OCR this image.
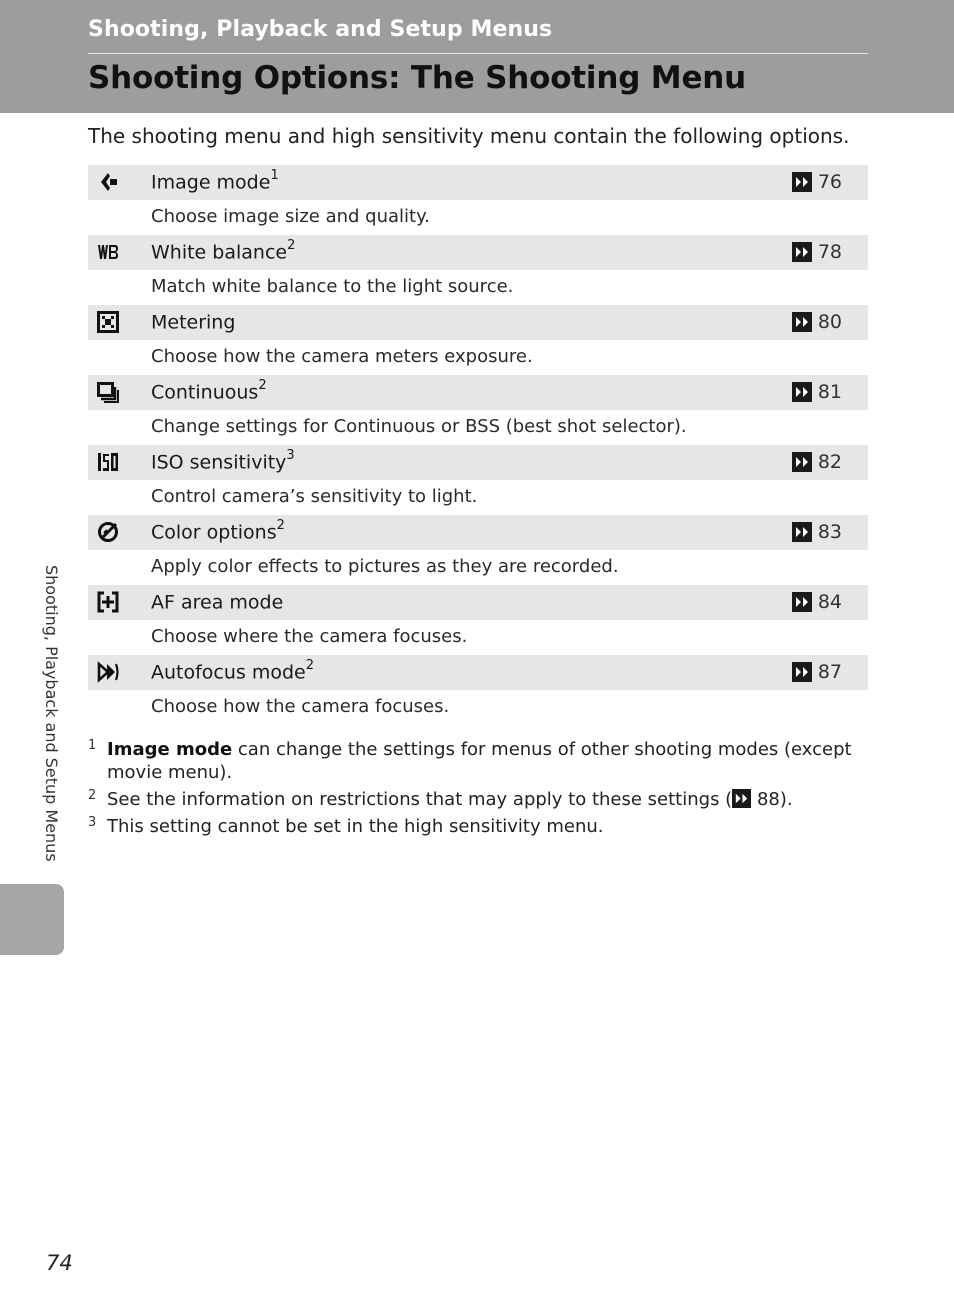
Shooting, Playback and Setup Menus
Shooting Options: The Shooting Menu
The shooting menu and high sensitivity menu contain the following options.
Image mode$^1$	76
Choose image size and quality.
White balance$^2$	78
Match white balance to the light source.
Metering	80
Choose how the camera meters exposure.
Continuous$^2$	81
Change settings for Continuous or BSS (best shot selector).
ISO sensitivity$^3$	82
Control camera’s sensitivity to light.
Color options$^2$	83
Apply color effects to pictures as they are recorded.
AF area mode	84
Choose where the camera focuses.
Autofocus mode$^2$	87
Choose how the camera focuses.
1 Image mode can change the settings for menus of other shooting modes (except movie menu).
2 See the information on restrictions that may apply to these settings ( 88).
3 This setting cannot be set in the high sensitivity menu.
Shooting, Playback and Setup Menus
74
